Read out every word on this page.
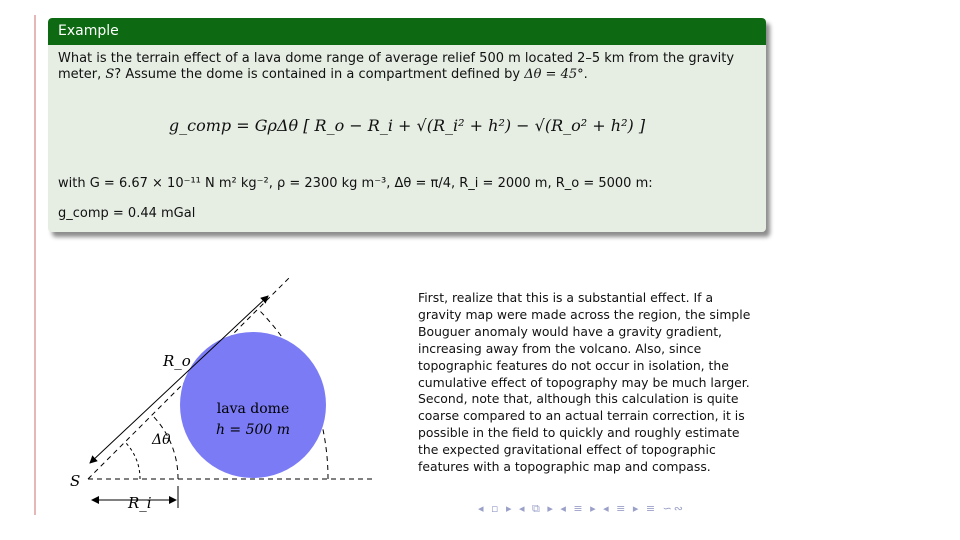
Example

What is the terrain effect of a lava dome range of average relief 500 m located 2–5 km from the gravity

meter, S? Assume the dome is contained in a compartment defined by Δθ = 45°.

g_comp = GρΔθ [ R_o − R_i + √(R_i² + h²) − √(R_o² + h²) ]
with G = 6.67 × 10⁻¹¹ N m² kg⁻², ρ = 2300 kg m⁻³, Δθ = π/4, R_i = 2000 m, R_o = 5000 m:
g_comp = 0.44 mGal
R_o
Δθ
S
R_i
lava dome
h = 500 m
First, realize that this is a substantial effect. If a
gravity map were made across the region, the simple
Bouguer anomaly would have a gravity gradient,
increasing away from the volcano. Also, since
topographic features do not occur in isolation, the
cumulative effect of topography may be much larger.
Second, note that, although this calculation is quite
coarse compared to an actual terrain correction, it is
possible in the field to quickly and roughly estimate
the expected gravitational effect of topographic
features with a topographic map and compass.
◂ ▫ ▸ ◂ ⧉ ▸ ◂ ≡ ▸ ◂ ≡ ▸ ≡ ∽∾
